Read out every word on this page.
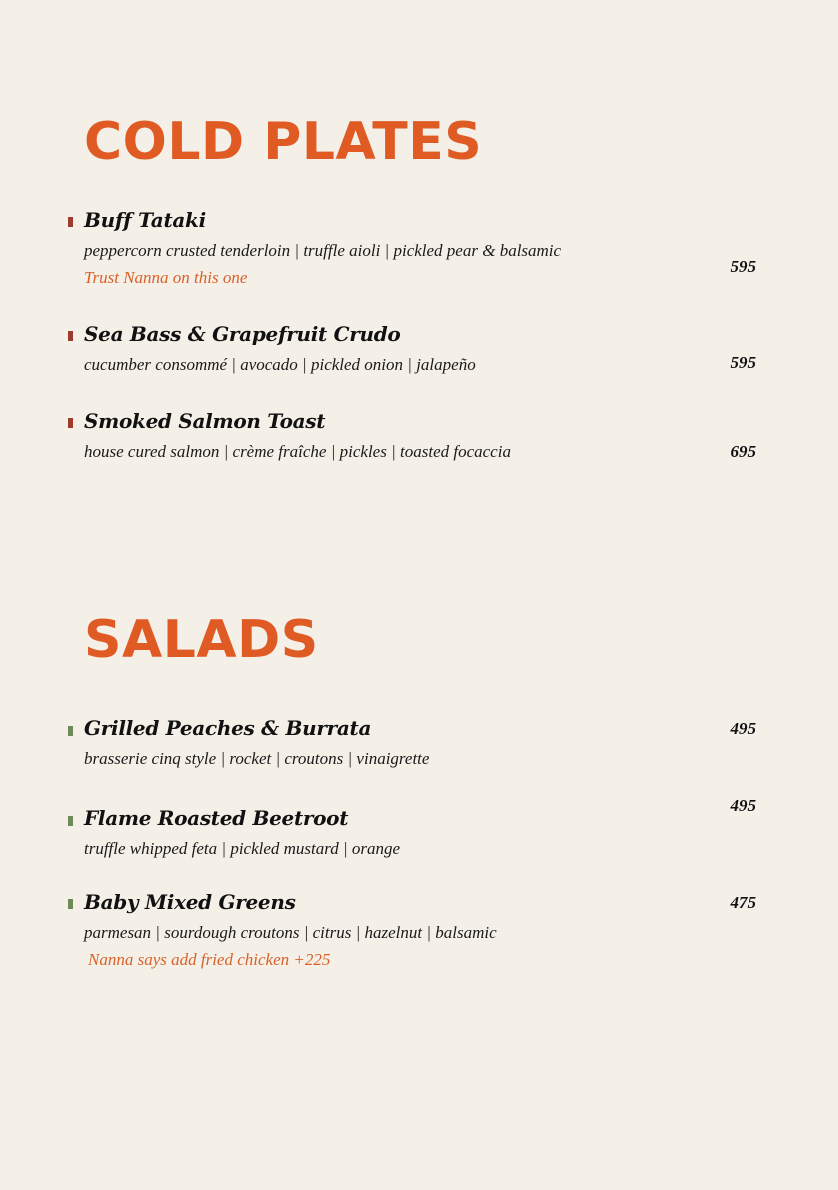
COLD PLATES

Buff Tataki

peppercorn crusted tenderloin | truffle aioli | pickled pear & balsamic

Trust Nanna on this one

595

Sea Bass & Grapefruit Crudo

cucumber consommé | avocado | pickled onion | jalapeño	595

Smoked Salmon Toast

house cured salmon | crème fraîche | pickles | toasted focaccia	695

SALADS

Grilled Peaches & Burrata

brasserie cinq style | rocket | croutons | vinaigrette

495

Flame Roasted Beetroot

truffle whipped feta | pickled mustard | orange

495

Baby Mixed Greens

parmesan | sourdough croutons | citrus | hazelnut | balsamic

Nanna says add fried chicken +225

475
